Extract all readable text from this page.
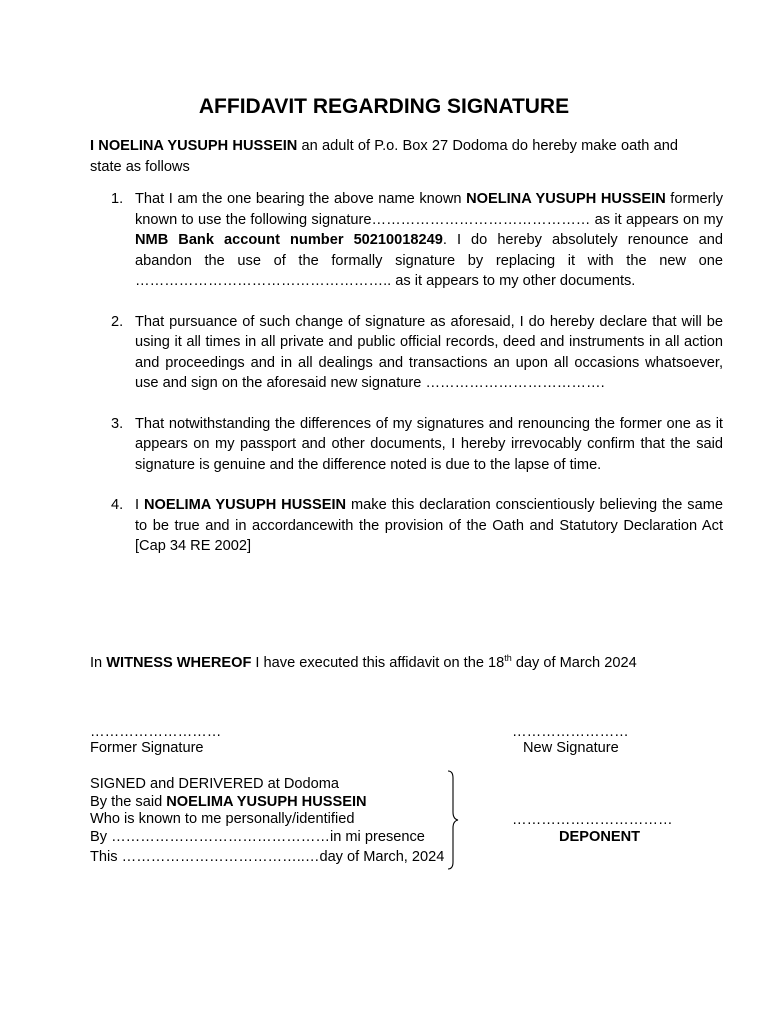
AFFIDAVIT REGARDING SIGNATURE
I NOELINA YUSUPH HUSSEIN an adult of P.o. Box 27 Dodoma do hereby make oath and state as follows
1. That I am the one bearing the above name known NOELINA YUSUPH HUSSEIN formerly known to use the following signature……………………………………… as it appears on my NMB Bank account number 50210018249. I do hereby absolutely renounce and abandon the use of the formally signature by replacing it with the new one …………………………………………….. as it appears to my other documents.
2. That pursuance of such change of signature as aforesaid, I do hereby declare that will be using it all times in all private and public official records, deed and instruments in all action and proceedings and in all dealings and transactions an upon all occasions whatsoever, use and sign on the aforesaid new signature ……………………………….
3. That notwithstanding the differences of my signatures and renouncing the former one as it appears on my passport and other documents, I hereby irrevocably confirm that the said signature is genuine and the difference noted is due to the lapse of time.
4. I NOELIMA YUSUPH HUSSEIN make this declaration conscientiously believing the same to be true and in accordancewith the provision of the Oath and Statutory Declaration Act [Cap 34 RE 2002]
In WITNESS WHEREOF I have executed this affidavit on the 18th day of March 2024
………………………
Former Signature
……………………
New Signature
SIGNED and DERIVERED at Dodoma
By the said NOELIMA YUSUPH HUSSEIN
Who is known to me personally/identified
By ………………………………………in mi presence
This ………………………………..…day of March, 2024
……………………………
DEPONENT
